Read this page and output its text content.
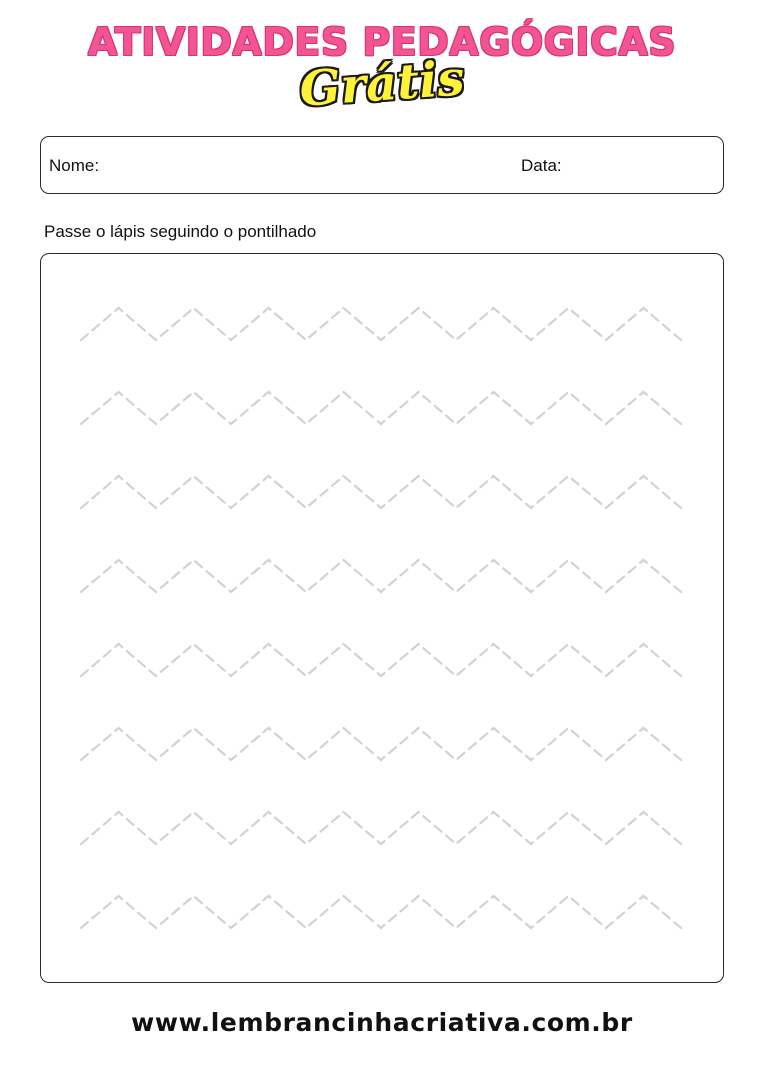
ATIVIDADES PEDAGÓGICAS
Grátis
Nome:	Data:
Passe o lápis seguindo o pontilhado
www.lembrancinhacriativa.com.br
